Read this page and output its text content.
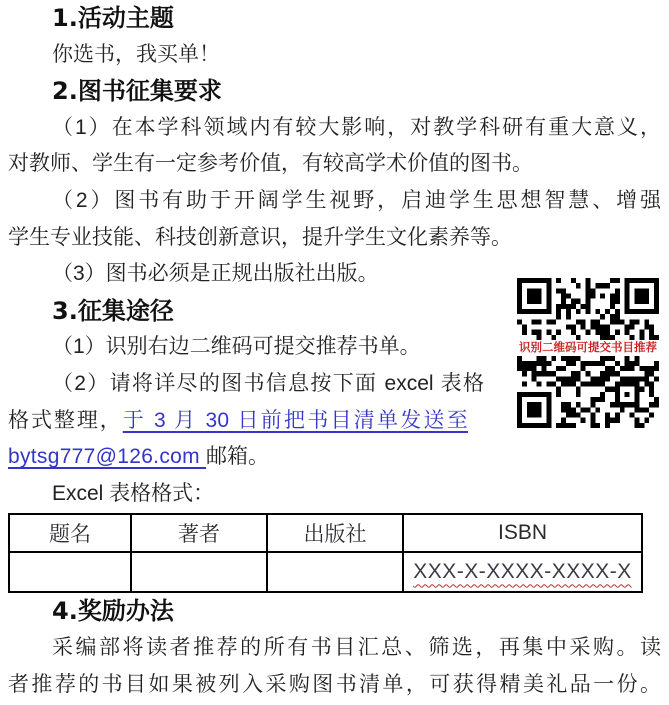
1.活动主题
你选书，我买单！
2.图书征集要求
（1）在本学科领域内有较大影响，对教学科研有重大意义，
对教师、学生有一定参考价值，有较高学术价值的图书。
（2）图书有助于开阔学生视野，启迪学生思想智慧、增强
学生专业技能、科技创新意识，提升学生文化素养等。
（3）图书必须是正规出版社出版。
3.征集途径
（1）识别右边二维码可提交推荐书单。
（2）请将详尽的图书信息按下面 excel 表格
格式整理，于 3 月 30 日前把书目清单发送至
bytsg777@126.com 邮箱。
Excel 表格格式：
题名	著者	出版社	ISBN
			XXX-X-XXXX-XXXX-X
4.奖励办法
采编部将读者推荐的所有书目汇总、筛选，再集中采购。读
者推荐的书目如果被列入采购图书清单，可获得精美礼品一份。
识别二维码可提交书目推荐
